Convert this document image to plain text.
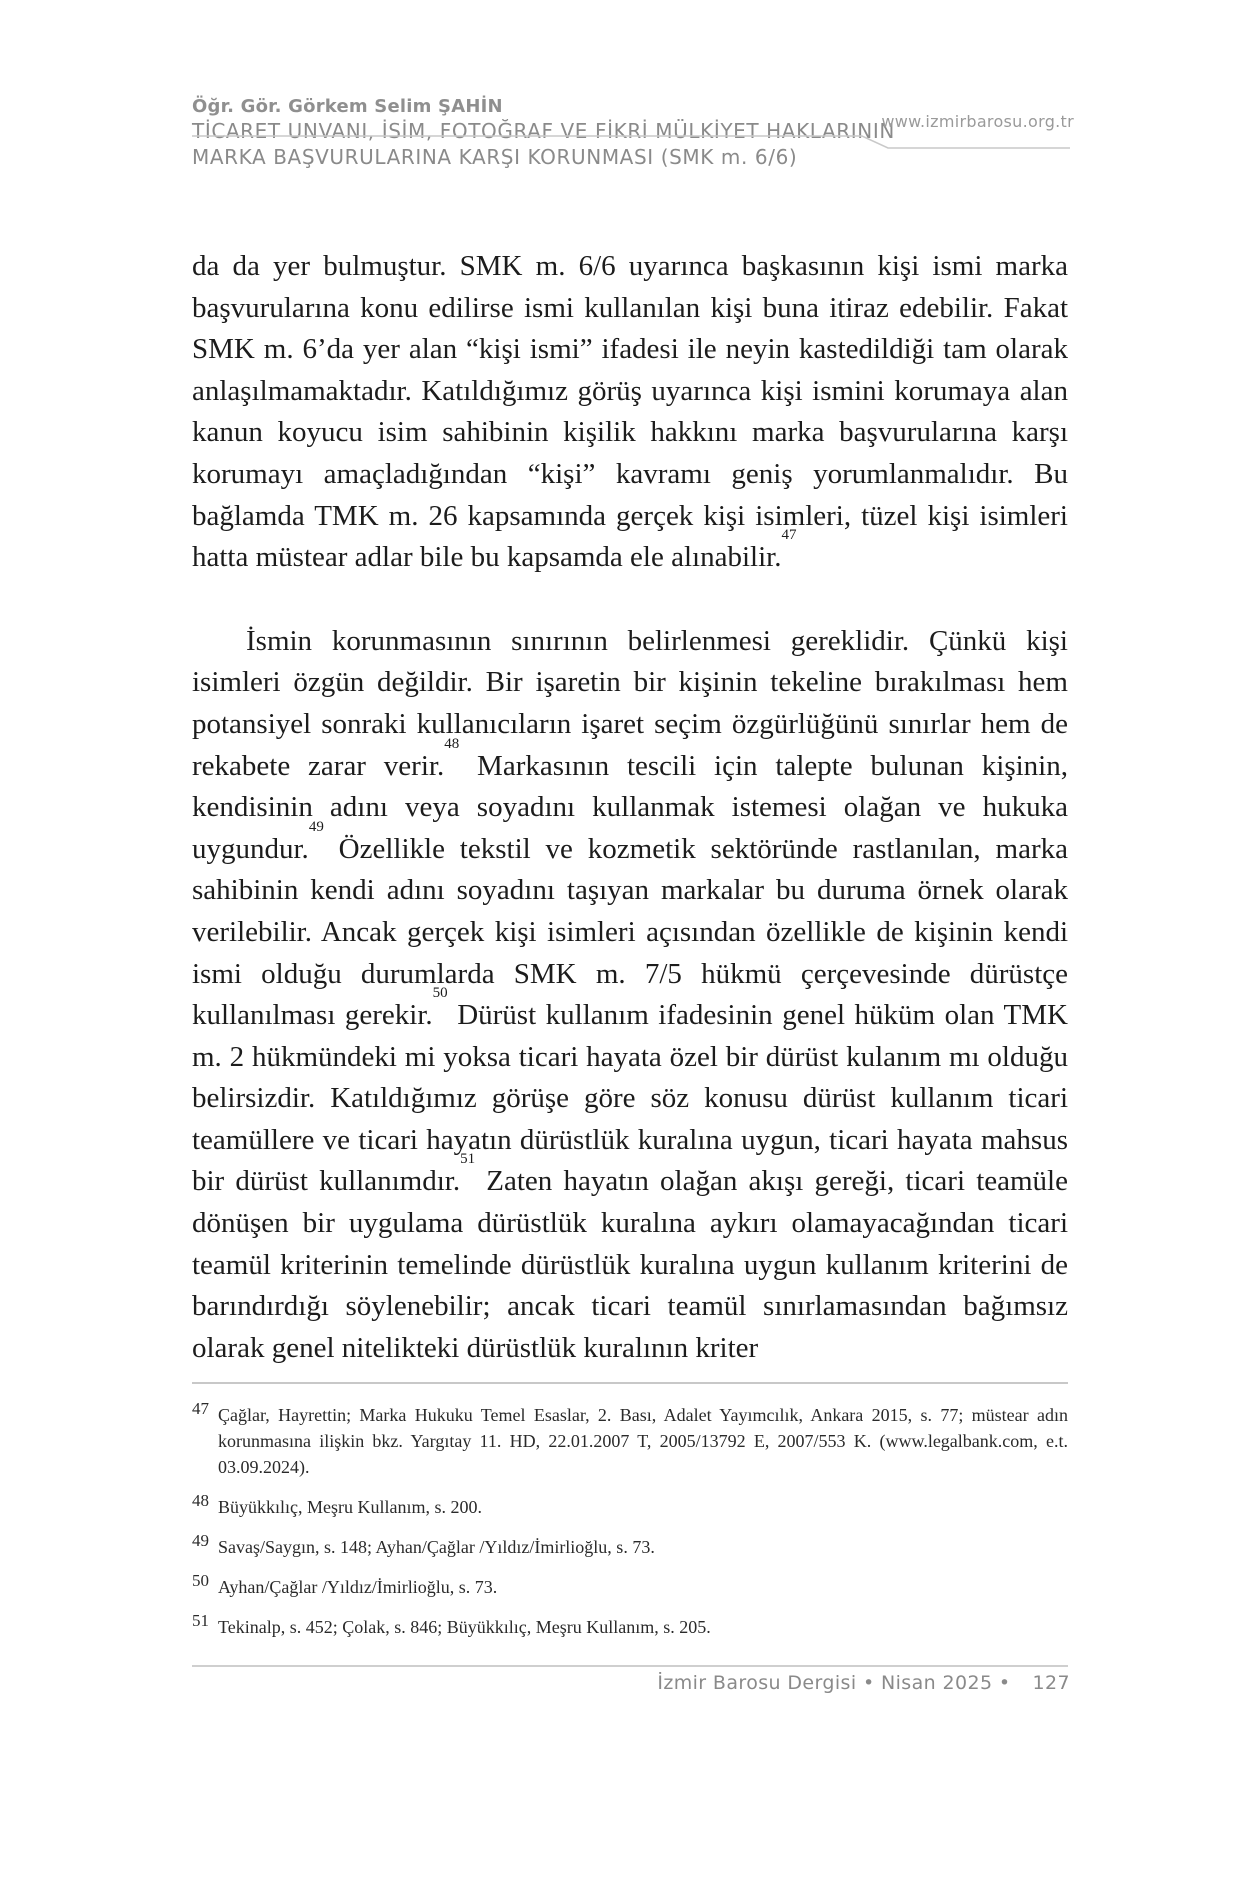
Öğr. Gör. Görkem Selim ŞAHİN
TİCARET UNVANI, İSİM, FOTOĞRAF VE FİKRİ MÜLKİYET HAKLARININ
MARKA BAŞVURULARINA KARŞI KORUNMASI (SMK m. 6/6)
www.izmirbarosu.org.tr

da da yer bulmuştur. SMK m. 6/6 uyarınca başkasının kişi ismi marka başvurularına konu edilirse ismi kullanılan kişi buna itiraz edebilir. Fakat SMK m. 6’da yer alan “kişi ismi” ifadesi ile neyin kastedildiği tam olarak anlaşılmamaktadır. Katıldığımız görüş uyarınca kişi ismini korumaya alan kanun koyucu isim sahibinin kişilik hakkını marka başvurularına karşı korumayı amaçladığından “kişi” kavramı geniş yorumlanmalıdır. Bu bağlamda TMK m. 26 kapsamında gerçek kişi isimleri, tüzel kişi isimleri hatta müstear adlar bile bu kapsamda ele alınabilir.$^{47}$

İsmin korunmasının sınırının belirlenmesi gereklidir. Çünkü kişi isimleri özgün değildir. Bir işaretin bir kişinin tekeline bırakılması hem potansiyel sonraki kullanıcıların işaret seçim özgürlüğünü sınırlar hem de rekabete zarar verir.$^{48}$ Markasının tescili için talepte bulunan kişinin, kendisinin adını veya soyadını kullanmak istemesi olağan ve hukuka uygundur.$^{49}$ Özellikle tekstil ve kozmetik sektöründe rastlanılan, marka sahibinin kendi adını soyadını taşıyan markalar bu duruma örnek olarak verilebilir. Ancak gerçek kişi isimleri açısından özellikle de kişinin kendi ismi olduğu durumlarda SMK m. 7/5 hükmü çerçevesinde dürüstçe kullanılması gerekir.$^{50}$ Dürüst kullanım ifadesinin genel hüküm olan TMK m. 2 hükmündeki mi yoksa ticari hayata özel bir dürüst kulanım mı olduğu belirsizdir. Katıldığımız görüşe göre söz konusu dürüst kullanım ticari teamüllere ve ticari hayatın dürüstlük kuralına uygun, ticari hayata mahsus bir dürüst kullanımdır.$^{51}$ Zaten hayatın olağan akışı gereği, ticari teamüle dönüşen bir uygulama dürüstlük kuralına aykırı olamayacağından ticari teamül kriterinin temelinde dürüstlük kuralına uygun kullanım kriterini de barındırdığı söylenebilir; ancak ticari teamül sınırlamasından bağımsız olarak genel nitelikteki dürüstlük kuralının kriter

47 Çağlar, Hayrettin; Marka Hukuku Temel Esaslar, 2. Bası, Adalet Yayımcılık, Ankara 2015, s. 77; müstear adın korunmasına ilişkin bkz. Yargıtay 11. HD, 22.01.2007 T, 2005/13792 E, 2007/553 K. (www.legalbank.com, e.t. 03.09.2024).
48 Büyükkılıç, Meşru Kullanım, s. 200.
49 Savaş/Saygın, s. 148; Ayhan/Çağlar /Yıldız/İmirlioğlu, s. 73.
50 Ayhan/Çağlar /Yıldız/İmirlioğlu, s. 73.
51 Tekinalp, s. 452; Çolak, s. 846; Büyükkılıç, Meşru Kullanım, s. 205.
İzmir Barosu Dergisi • Nisan 2025 • 127
